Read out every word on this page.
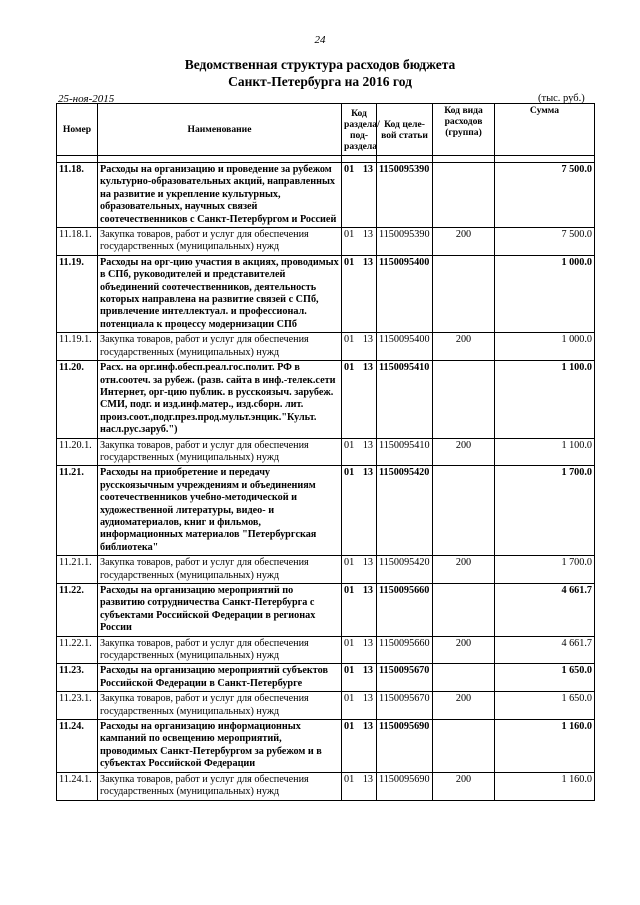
24
Ведомственная структура расходов бюджета
Санкт-Петербурга на 2016 год
25-ноя-2015	(тыс. руб.)
Номер	Наименование	Код раздела/ под-раздела	Код целе-вой статьи	Код вида расходов (группа)	Сумма

11.18.	Расходы на организацию и проведение за рубежом культурно-образовательных акций, направленных на развитие и укрепление культурных, образовательных, научных связей соотечественников с Санкт-Петербургом и Россией	01 13	1150095390		7 500.0
11.18.1.	Закупка товаров, работ и услуг для обеспечения государственных (муниципальных) нужд	01 13	1150095390	200	7 500.0
11.19.	Расходы на орг-цию участия в акциях, проводимых в СПб, руководителей и представителей объединений соотечественников, деятельность которых направлена на развитие связей с СПб, привлечение интеллектуал. и профессионал. потенциала к процессу модернизации СПб	01 13	1150095400		1 000.0
11.19.1.	Закупка товаров, работ и услуг для обеспечения государственных (муниципальных) нужд	01 13	1150095400	200	1 000.0
11.20.	Расх. на орг.инф.обесп.реал.гос.полит. РФ в отн.соотеч. за рубеж. (разв. сайта в инф.-телек.сети Интернет, орг-цию публик. в русскоязыч. зарубеж. СМИ, подг. и изд.инф.матер., изд.сборн. лит. произ.соот.,подг.през.прод.мульт.энцик."Культ. насл.рус.заруб.")	01 13	1150095410		1 100.0
11.20.1.	Закупка товаров, работ и услуг для обеспечения государственных (муниципальных) нужд	01 13	1150095410	200	1 100.0
11.21.	Расходы на приобретение и передачу русскоязычным учреждениям и объединениям соотечественников учебно-методической и художественной литературы, видео- и аудиоматериалов, книг и фильмов, информационных материалов "Петербургская библиотека"	01 13	1150095420		1 700.0
11.21.1.	Закупка товаров, работ и услуг для обеспечения государственных (муниципальных) нужд	01 13	1150095420	200	1 700.0
11.22.	Расходы на организацию мероприятий по развитию сотрудничества Санкт-Петербурга с субъектами Российской Федерации в регионах России	01 13	1150095660		4 661.7
11.22.1.	Закупка товаров, работ и услуг для обеспечения государственных (муниципальных) нужд	01 13	1150095660	200	4 661.7
11.23.	Расходы на организацию мероприятий субъектов Российской Федерации в Санкт-Петербурге	01 13	1150095670		1 650.0
11.23.1.	Закупка товаров, работ и услуг для обеспечения государственных (муниципальных) нужд	01 13	1150095670	200	1 650.0
11.24.	Расходы на организацию информационных кампаний по освещению мероприятий, проводимых Санкт-Петербургом за рубежом и в субъектах Российской Федерации	01 13	1150095690		1 160.0
11.24.1.	Закупка товаров, работ и услуг для обеспечения государственных (муниципальных) нужд	01 13	1150095690	200	1 160.0
